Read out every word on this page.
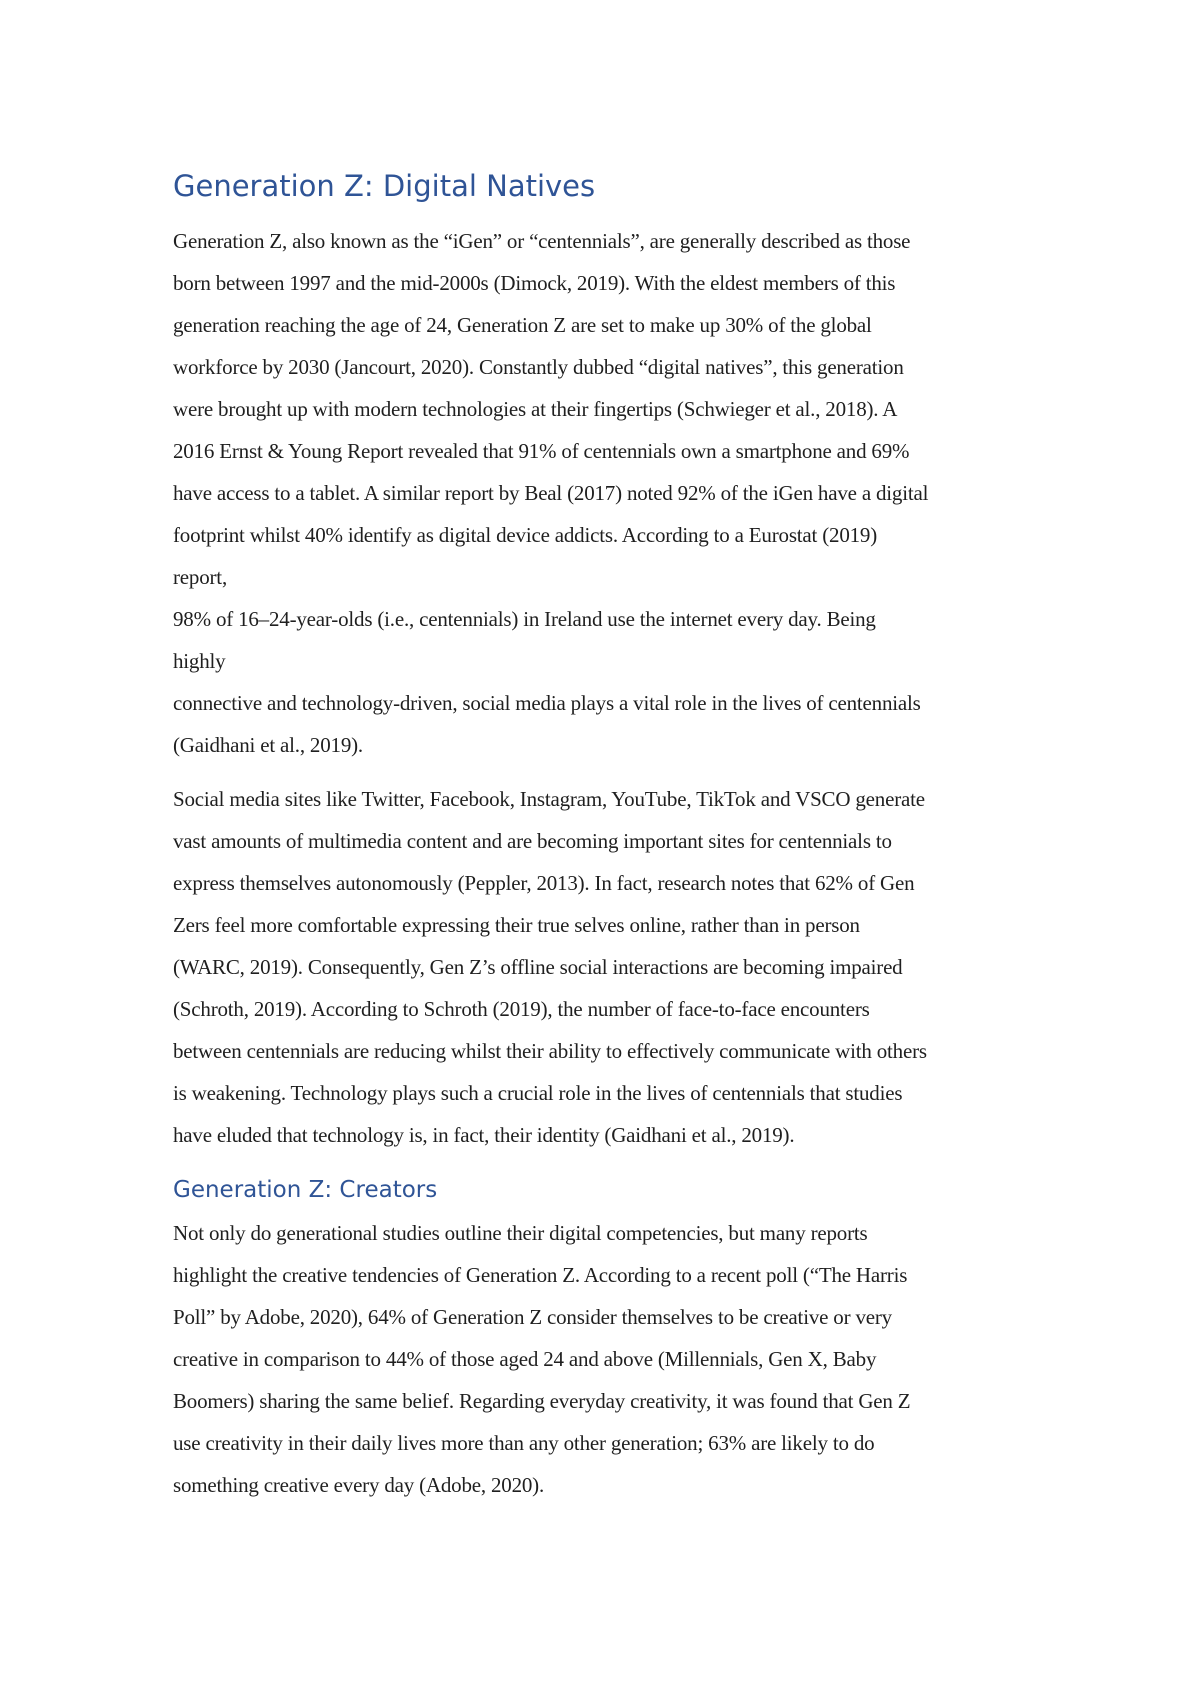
Generation Z: Digital Natives

Generation Z, also known as the “iGen” or “centennials”, are generally described as those
born between 1997 and the mid-2000s (Dimock, 2019). With the eldest members of this
generation reaching the age of 24, Generation Z are set to make up 30% of the global
workforce by 2030 (Jancourt, 2020). Constantly dubbed “digital natives”, this generation
were brought up with modern technologies at their fingertips (Schwieger et al., 2018). A
2016 Ernst & Young Report revealed that 91% of centennials own a smartphone and 69%
have access to a tablet. A similar report by Beal (2017) noted 92% of the iGen have a digital
footprint whilst 40% identify as digital device addicts. According to a Eurostat (2019)
report,
98% of 16–24-year-olds (i.e., centennials) in Ireland use the internet every day. Being
highly
connective and technology-driven, social media plays a vital role in the lives of centennials
(Gaidhani et al., 2019).

Social media sites like Twitter, Facebook, Instagram, YouTube, TikTok and VSCO generate
vast amounts of multimedia content and are becoming important sites for centennials to
express themselves autonomously (Peppler, 2013). In fact, research notes that 62% of Gen
Zers feel more comfortable expressing their true selves online, rather than in person
(WARC, 2019). Consequently, Gen Z’s offline social interactions are becoming impaired
(Schroth, 2019). According to Schroth (2019), the number of face-to-face encounters
between centennials are reducing whilst their ability to effectively communicate with others
is weakening. Technology plays such a crucial role in the lives of centennials that studies
have eluded that technology is, in fact, their identity (Gaidhani et al., 2019).

Generation Z: Creators

Not only do generational studies outline their digital competencies, but many reports
highlight the creative tendencies of Generation Z. According to a recent poll (“The Harris
Poll” by Adobe, 2020), 64% of Generation Z consider themselves to be creative or very
creative in comparison to 44% of those aged 24 and above (Millennials, Gen X, Baby
Boomers) sharing the same belief. Regarding everyday creativity, it was found that Gen Z
use creativity in their daily lives more than any other generation; 63% are likely to do
something creative every day (Adobe, 2020).
